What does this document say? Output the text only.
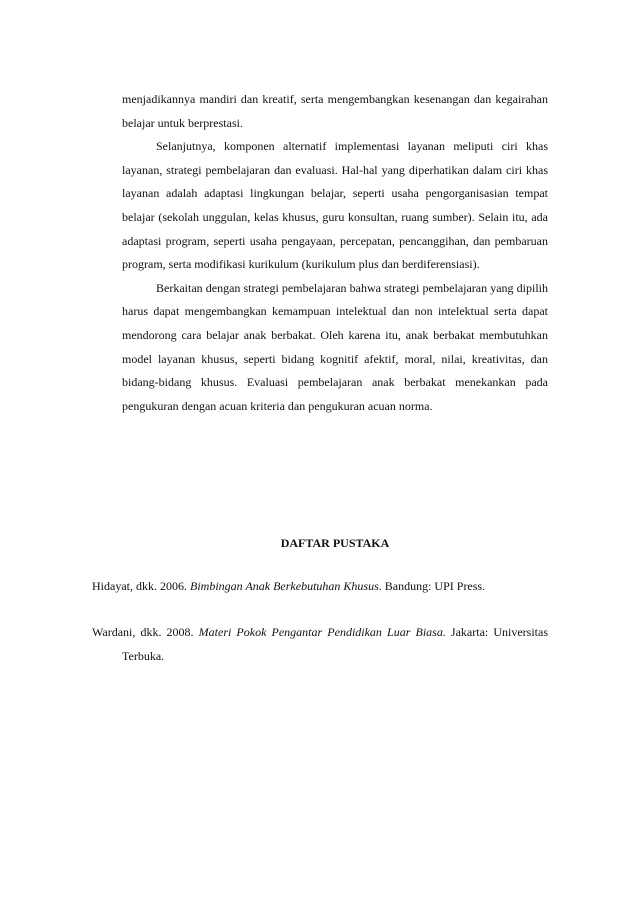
menjadikannya mandiri dan kreatif, serta mengembangkan kesenangan dan kegairahan belajar untuk berprestasi.

Selanjutnya, komponen alternatif implementasi layanan meliputi ciri khas layanan, strategi pembelajaran dan evaluasi. Hal-hal yang diperhatikan dalam ciri khas layanan adalah adaptasi lingkungan belajar, seperti usaha pengorganisasian tempat belajar (sekolah unggulan, kelas khusus, guru konsultan, ruang sumber). Selain itu, ada adaptasi program, seperti usaha pengayaan, percepatan, pencanggihan, dan pembaruan program, serta modifikasi kurikulum (kurikulum plus dan berdiferensiasi).

Berkaitan dengan strategi pembelajaran bahwa strategi pembelajaran yang dipilih harus dapat mengembangkan kemampuan intelektual dan non intelektual serta dapat mendorong cara belajar anak berbakat. Oleh karena itu, anak berbakat membutuhkan model layanan khusus, seperti bidang kognitif afektif, moral, nilai, kreativitas, dan bidang-bidang khusus. Evaluasi pembelajaran anak berbakat menekankan pada pengukuran dengan acuan kriteria dan pengukuran acuan norma.

DAFTAR PUSTAKA
Hidayat, dkk. 2006. Bimbingan Anak Berkebutuhan Khusus. Bandung: UPI Press.
Wardani, dkk. 2008. Materi Pokok Pengantar Pendidikan Luar Biasa. Jakarta: Universitas Terbuka.
